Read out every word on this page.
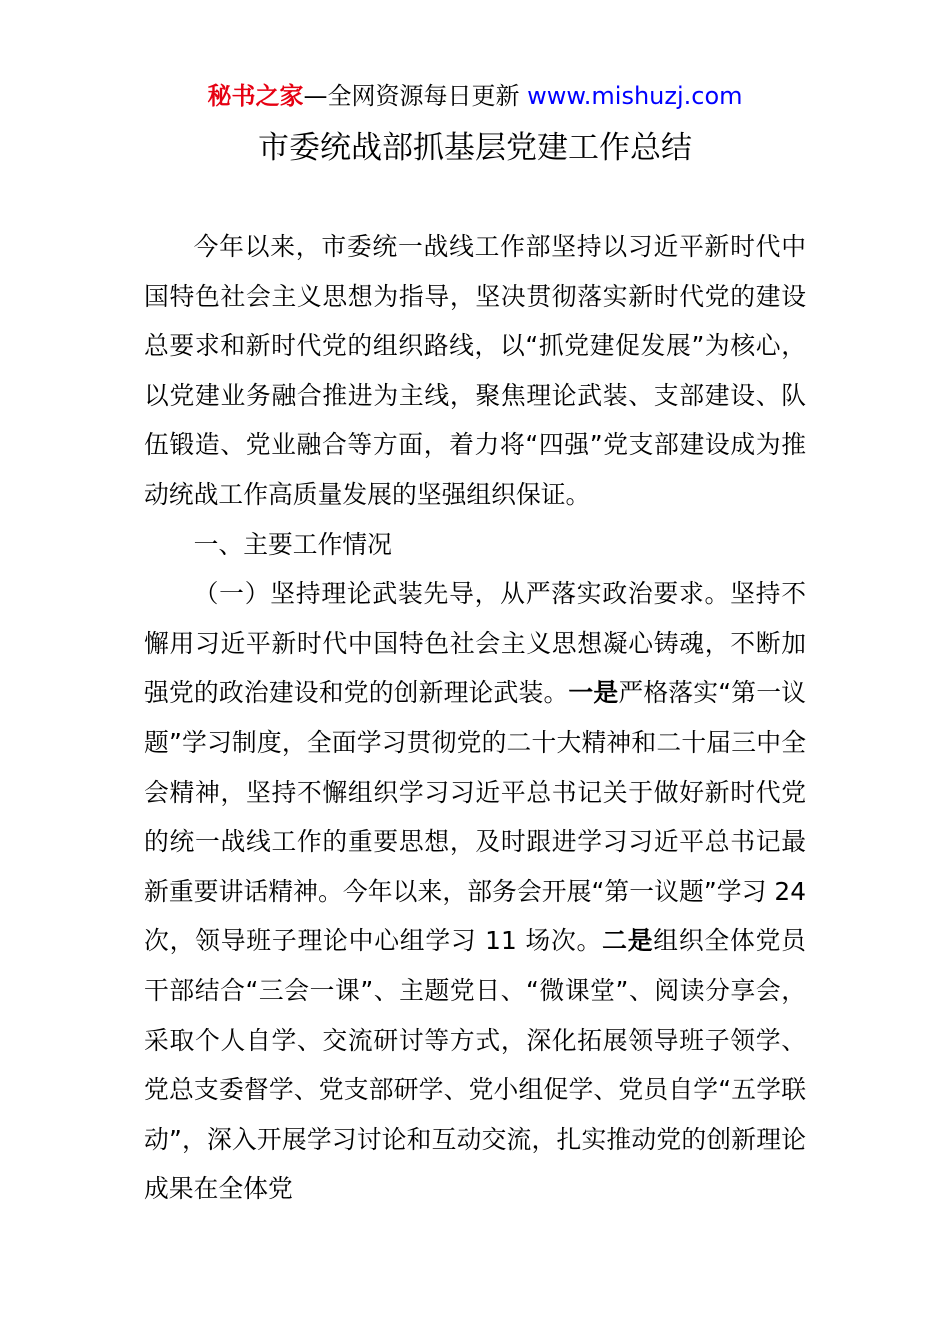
秘书之家—全网资源每日更新 www.mishuzj.com
市委统战部抓基层党建工作总结

今年以来，市委统一战线工作部坚持以习近平新时代中国特色社会主义思想为指导，坚决贯彻落实新时代党的建设总要求和新时代党的组织路线，以“抓党建促发展”为核心，以党建业务融合推进为主线，聚焦理论武装、支部建设、队伍锻造、党业融合等方面，着力将“四强”党支部建设成为推动统战工作高质量发展的坚强组织保证。

一、主要工作情况

（一）坚持理论武装先导，从严落实政治要求。坚持不懈用习近平新时代中国特色社会主义思想凝心铸魂，不断加强党的政治建设和党的创新理论武装。一是严格落实“第一议题”学习制度，全面学习贯彻党的二十大精神和二十届三中全会精神，坚持不懈组织学习习近平总书记关于做好新时代党的统一战线工作的重要思想，及时跟进学习习近平总书记最新重要讲话精神。今年以来，部务会开展“第一议题”学习 24 次，领导班子理论中心组学习 11 场次。二是组织全体党员干部结合“三会一课”、主题党日、“微课堂”、阅读分享会，采取个人自学、交流研讨等方式，深化拓展领导班子领学、党总支委督学、党支部研学、党小组促学、党员自学“五学联动”，深入开展学习讨论和互动交流，扎实推动党的创新理论成果在全体党
